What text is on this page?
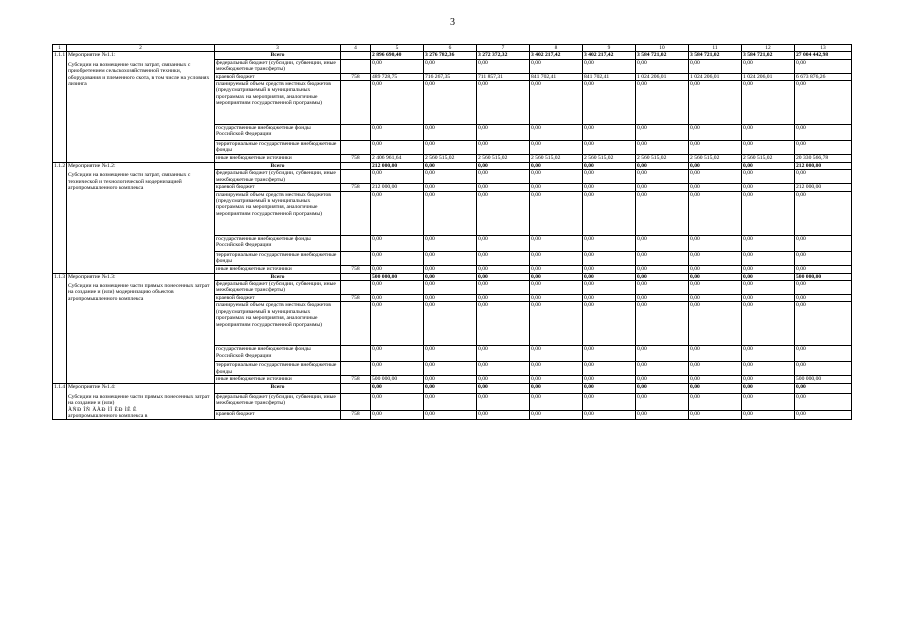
3
1	2	3	4	5	6	7	8	9	10	11	12	13
1.1.1	Мероприятие №1.1:
Субсидии на возмещение части затрат, связанных с приобретением сельскохозяйственной техники, оборудования и племенного скота, в том числе на условиях лизинга	Всего		2 896 690,40	3 276 782,36	3 272 372,32	3 402 217,42	3 402 217,42	3 584 721,02	3 584 721,02	3 584 721,02	27 004 442,98
		федеральный бюджет (субсидии, субвенции, иные межбюджетные трансферты)		0,00	0,00	0,00	0,00	0,00	0,00	0,00	0,00	0,00
		краевой бюджет	758	489 728,75	716 267,35	711 857,31	841 702,41	841 702,41	1 024 206,01	1 024 206,01	1 024 206,01	6 673 876,26
		планируемый объем средств местных бюджетов (предусматриваемый в муниципальных программах на мероприятия, аналогичные мероприятиям государственной программы)		0,00	0,00	0,00	0,00	0,00	0,00	0,00	0,00	0,00
		государственные внебюджетные фонды Российской Федерации		0,00	0,00	0,00	0,00	0,00	0,00	0,00	0,00	0,00
		территориальные государственные внебюджетные фонды		0,00	0,00	0,00	0,00	0,00	0,00	0,00	0,00	0,00
		иные внебюджетные источники	758	2 406 961,64	2 560 515,02	2 560 515,02	2 560 515,02	2 560 515,02	2 560 515,02	2 560 515,02	2 560 515,02	20 330 566,78
1.1.2	Мероприятие №1.2:
Субсидии на возмещение части затрат, связанных с технической и технологической модернизацией агропромышленного комплекса	Всего		212 000,00	0,00	0,00	0,00	0,00	0,00	0,00	0,00	212 000,00
		федеральный бюджет (субсидии, субвенции, иные межбюджетные трансферты)		0,00	0,00	0,00	0,00	0,00	0,00	0,00	0,00	0,00
		краевой бюджет	758	212 000,00	0,00	0,00	0,00	0,00	0,00	0,00	0,00	212 000,00
		планируемый объем средств местных бюджетов (предусматриваемый в муниципальных программах на мероприятия, аналогичные мероприятиям государственной программы)		0,00	0,00	0,00	0,00	0,00	0,00	0,00	0,00	0,00
		государственные внебюджетные фонды Российской Федерации		0,00	0,00	0,00	0,00	0,00	0,00	0,00	0,00	0,00
		территориальные государственные внебюджетные фонды		0,00	0,00	0,00	0,00	0,00	0,00	0,00	0,00	0,00
		иные внебюджетные источники	758	0,00	0,00	0,00	0,00	0,00	0,00	0,00	0,00	0,00
1.1.3	Мероприятие №1.3:
Субсидии на возмещение части прямых понесенных затрат на создание и (или) модернизацию объектов агропромышленного комплекса	Всего		500 000,00	0,00	0,00	0,00	0,00	0,00	0,00	0,00	500 000,00
		федеральный бюджет (субсидии, субвенции, иные межбюджетные трансферты)		0,00	0,00	0,00	0,00	0,00	0,00	0,00	0,00	0,00
		краевой бюджет	758	0,00	0,00	0,00	0,00	0,00	0,00	0,00	0,00	0,00
		планируемый объем средств местных бюджетов (предусматриваемый в муниципальных программах на мероприятия, аналогичные мероприятиям государственной программы)		0,00	0,00	0,00	0,00	0,00	0,00	0,00	0,00	0,00
		государственные внебюджетные фонды Российской Федерации		0,00	0,00	0,00	0,00	0,00	0,00	0,00	0,00	0,00
		территориальные государственные внебюджетные фонды		0,00	0,00	0,00	0,00	0,00	0,00	0,00	0,00	0,00
		иные внебюджетные источники	758	500 000,00	0,00	0,00	0,00	0,00	0,00	0,00	0,00	500 000,00
1.1.4	Мероприятие №1.4:
Субсидии на возмещение части прямых понесенных затрат на создание и (или)
ÃÑÐ ÎÑ ÃÃÐ ÌÎ ÊÐ ÌÊ Ê
агропромышленного комплекса в	Всего		0,00	0,00	0,00	0,00	0,00	0,00	0,00	0,00	0,00
		федеральный бюджет (субсидии, субвенции, иные межбюджетные трансферты)		0,00	0,00	0,00	0,00	0,00	0,00	0,00	0,00	0,00
		краевой бюджет	758	0,00	0,00	0,00	0,00	0,00	0,00	0,00	0,00	0,00
